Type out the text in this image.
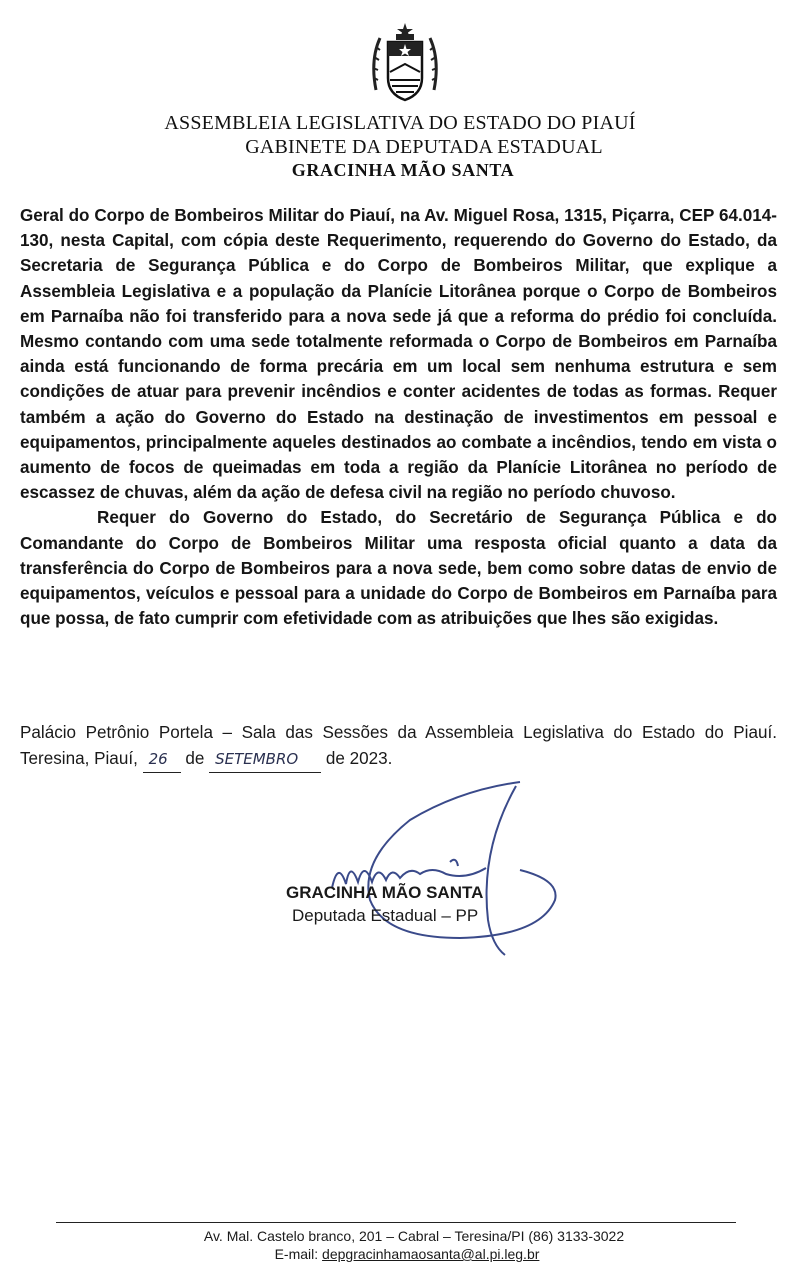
ASSEMBLEIA LEGISLATIVA DO ESTADO DO PIAUÍ
GABINETE DA DEPUTADA ESTADUAL
GRACINHA MÃO SANTA

Geral do Corpo de Bombeiros Militar do Piauí, na Av. Miguel Rosa, 1315, Piçarra, CEP 64.014-130, nesta Capital, com cópia deste Requerimento, requerendo do Governo do Estado, da Secretaria de Segurança Pública e do Corpo de Bombeiros Militar, que explique a Assembleia Legislativa e a população da Planície Litorânea porque o Corpo de Bombeiros em Parnaíba não foi transferido para a nova sede já que a reforma do prédio foi concluída. Mesmo contando com uma sede totalmente reformada o Corpo de Bombeiros em Parnaíba ainda está funcionando de forma precária em um local sem nenhuma estrutura e sem condições de atuar para prevenir incêndios e conter acidentes de todas as formas. Requer também a ação do Governo do Estado na destinação de investimentos em pessoal e equipamentos, principalmente aqueles destinados ao combate a incêndios, tendo em vista o aumento de focos de queimadas em toda a região da Planície Litorânea no período de escassez de chuvas, além da ação de defesa civil na região no período chuvoso.

Requer do Governo do Estado, do Secretário de Segurança Pública e do Comandante do Corpo de Bombeiros Militar uma resposta oficial quanto a data da transferência do Corpo de Bombeiros para a nova sede, bem como sobre datas de envio de equipamentos, veículos e pessoal para a unidade do Corpo de Bombeiros em Parnaíba para que possa, de fato cumprir com efetividade com as atribuições que lhes são exigidas.

Palácio Petrônio Portela – Sala das Sessões da Assembleia Legislativa do Estado do Piauí. Teresina, Piauí, 26 de SETEMBRO de 2023.

GRACINHA MÃO SANTA
Deputada Estadual – PP
Av. Mal. Castelo branco, 201 – Cabral – Teresina/PI (86) 3133-3022
E-mail: depgracinhamaosanta@al.pi.leg.br
